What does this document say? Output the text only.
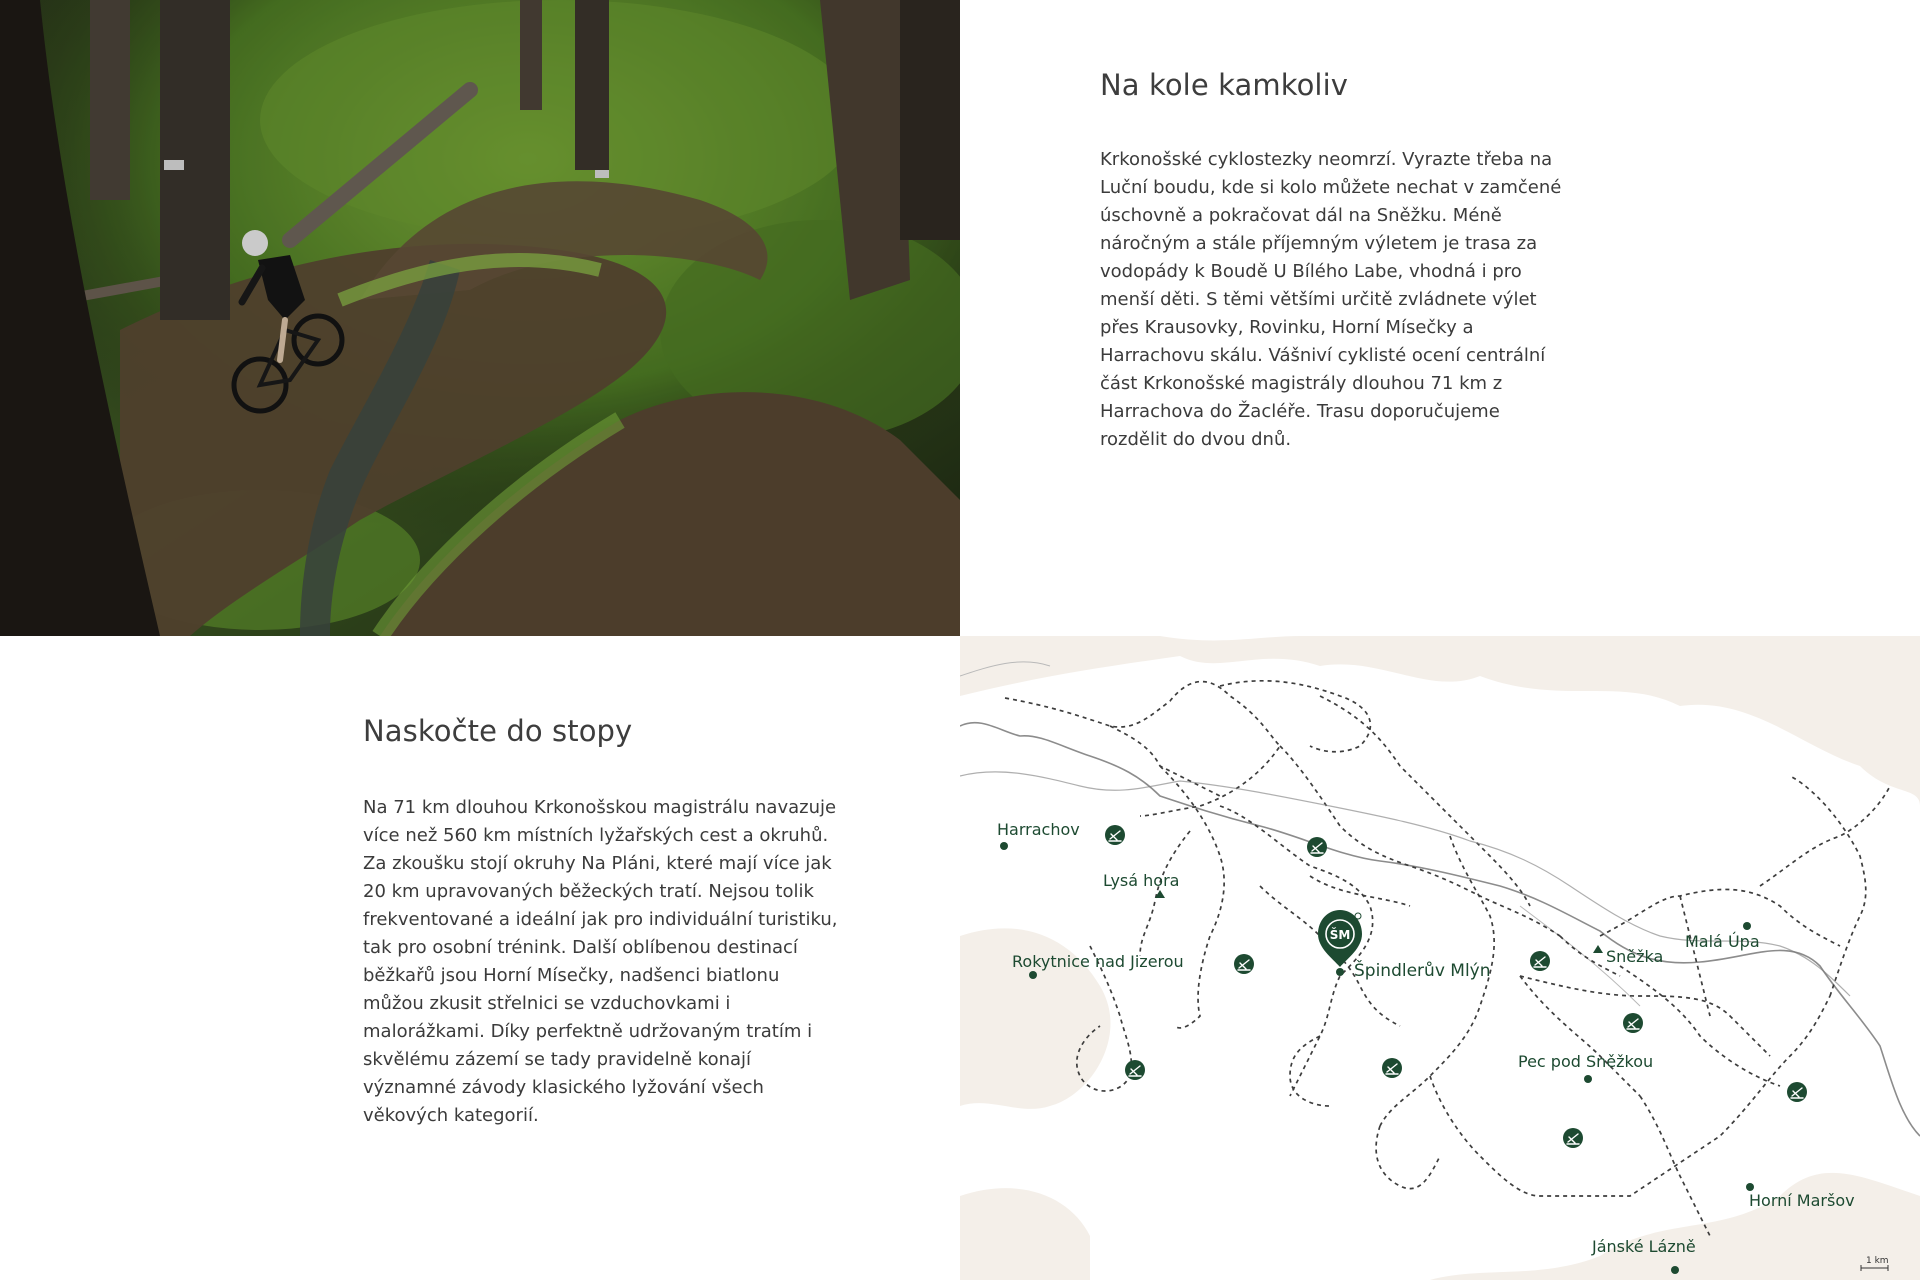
Na kole kamkoliv

Krkonošské cyklostezky neomrzí. Vyrazte třeba na Luční boudu, kde si kolo můžete nechat v zamčené úschovně a pokračovat dál na Sněžku. Méně náročným a stále příjemným výletem je trasa za vodopády k Boudě U Bílého Labe, vhodná i pro menší děti. S těmi většími určitě zvládnete výlet přes Krausovky, Rovinku, Horní Mísečky a Harrachovu skálu. Vášniví cyklisté ocení centrální část Krkonošské magistrály dlouhou 71 km z Harrachova do Žacléře. Trasu doporučujeme rozdělit do dvou dnů.

Naskočte do stopy

Na 71 km dlouhou Krkonošskou magistrálu navazuje více než 560 km místních lyžařských cest a okruhů. Za zkoušku stojí okruhy Na Pláni, které mají více jak 20 km upravovaných běžeckých tratí. Nejsou tolik frekventované a ideální jak pro individuální turistiku, tak pro osobní trénink. Další oblíbenou destinací běžkařů jsou Horní Mísečky, nadšenci biatlonu můžou zkusit střelnici se vzduchovkami i malorážkami. Díky perfektně udržovaným tratím i skvělému zázemí se tady pravidelně konají významné závody klasického lyžování všech věkových kategorií.

ŠM
Harrachov
Lysá hora
Rokytnice nad Jizerou	Špindlerův Mlýn
Sněžka
Malá Úpa
Pec pod Sněžkou
Horní Maršov
Jánské Lázně
1 km
